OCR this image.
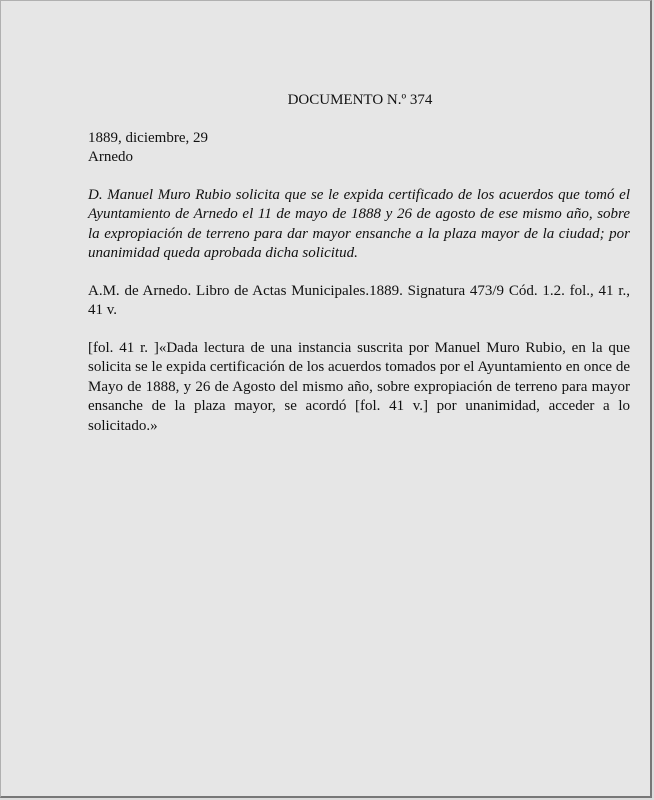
DOCUMENTO N.º 374

1889, diciembre, 29

Arnedo

D. Manuel Muro Rubio solicita que se le expida certificado de los acuerdos que tomó el Ayuntamiento de Arnedo el 11 de mayo de 1888 y 26 de agosto de ese mismo año, sobre la expropiación de terreno para dar mayor ensanche a la plaza mayor de la ciudad; por unanimidad queda aprobada dicha solicitud.

A.M. de Arnedo. Libro de Actas Municipales.1889. Signatura 473/9 Cód. 1.2. fol., 41 r., 41 v.

[fol. 41 r. ]«Dada lectura de una instancia suscrita por Manuel Muro Rubio, en la que solicita se le expida certificación de los acuerdos tomados por el Ayuntamiento en once de Mayo de 1888, y 26 de Agosto del mismo año, sobre expropiación de terreno para mayor ensanche de la plaza mayor, se acordó [fol. 41 v.] por unanimidad, acceder a lo solicitado.»
